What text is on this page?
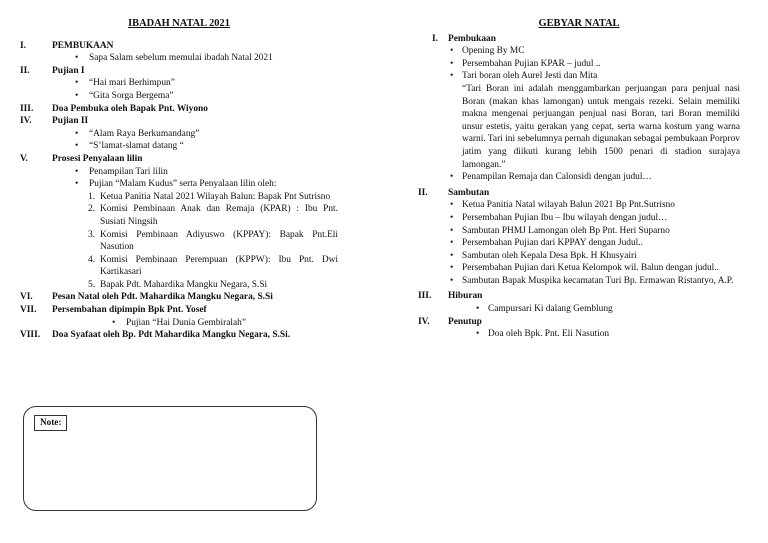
IBADAH NATAL 2021
I.	PEMBUKAAN
• Sapa Salam sebelum memulai ibadah Natal 2021
II.	Pujian I
• “Hai mari Berhimpun”
• “Gita Sorga Bergema”
III.	Doa Pembuka oleh Bapak Pnt. Wiyono
IV.	Pujian II
• “Alam Raya Berkumandang”
• “S’lamat-slamat datang “
V.	Prosesi Penyalaan lilin
• Penampilan Tari lilin
• Pujian “Malam Kudus” serta Penyalaan lilin oleh:
1. Ketua Panitia Natal 2021 Wilayah Balun: Bapak Pnt Sutrisno
2. Komisi Pembinaan Anak dan Remaja (KPAR) : Ibu Pnt. Susiati Ningsih
3. Komisi Pembinaan Adiyuswo (KPPAY): Bapak Pnt.Eli Nasution
4. Komisi Pembinaan Perempuan (KPPW): Ibu Pnt. Dwi Kartikasari
5. Bapak Pdt. Mahardika Mangku Negara, S.Si
VI.	Pesan Natal oleh Pdt. Mahardika Mangku Negara, S.Si
VII.	Persembahan dipimpin Bpk Pnt. Yosef
• Pujian “Hai Dunia Gembiralah”
VIII.	Doa Syafaat oleh Bp. Pdt Mahardika Mangku Negara, S.Si.
Note:
GEBYAR NATAL
I.	Pembukaan
• Opening By MC
• Persembahan Pujian KPAR – judul ..
• Tari boran oleh Aurel Jesti dan Mita
“Tari Boran ini adalah menggambarkan perjuangan para penjual nasi Boran (makan khas lamongan) untuk mengais rezeki. Selain memiliki makna mengenai perjuangan penjual nasi Boran, tari Boran memiliki unsur estetis, yaitu gerakan yang cepat, serta warna kostum yang warna warni. Tari ini sebelumnya pernah digunakan sebagai pembukaan Porprov jatim yang diikuti kurang lebih 1500 penari di stadion surajaya lamongan.”
• Penampilan Remaja dan Calonsidi dengan judul…
II.	Sambutan
• Ketua Panitia Natal wilayah Balun 2021 Bp Pnt.Sutrisno
• Persembahan Pujian Ibu – Ibu wilayah dengan judul…
• Sambutan PHMJ Lamongan oleh Bp Pnt. Heri Suparno
• Persembahan Pujian dari KPPAY dengan Judul..
• Sambutan oleh Kepala Desa Bpk. H Khusyairi
• Persembahan Pujian dari Ketua Kelompok wil. Balun dengan judul..
• Sambutan Bapak Muspika kecamatan Turi Bp. Ermawan Ristantyo, A.P.
III.	Hiburan
• Campursari Ki dalang Gemblung
IV.	Penutup
• Doa oleh Bpk. Pnt. Eli Nasution
